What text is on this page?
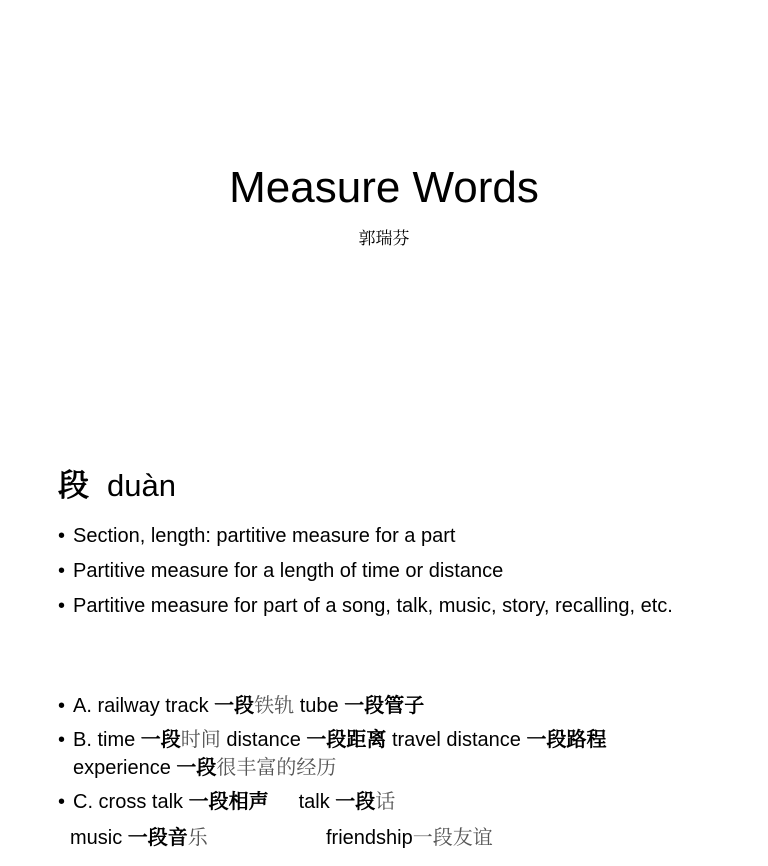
Measure Words
郭瑞芬
段 duàn
• Section, length: partitive measure for a part
• Partitive measure for a length of time or distance
• Partitive measure for part of a song, talk, music, story, recalling, etc.
• A. railway track 一段铁轨 tube 一段管子
• B. time 一段时间 distance 一段距离 travel distance 一段路程
experience 一段很丰富的经历
• C. cross talk 一段相声 talk 一段话
music 一段音乐	friendship一段友谊
